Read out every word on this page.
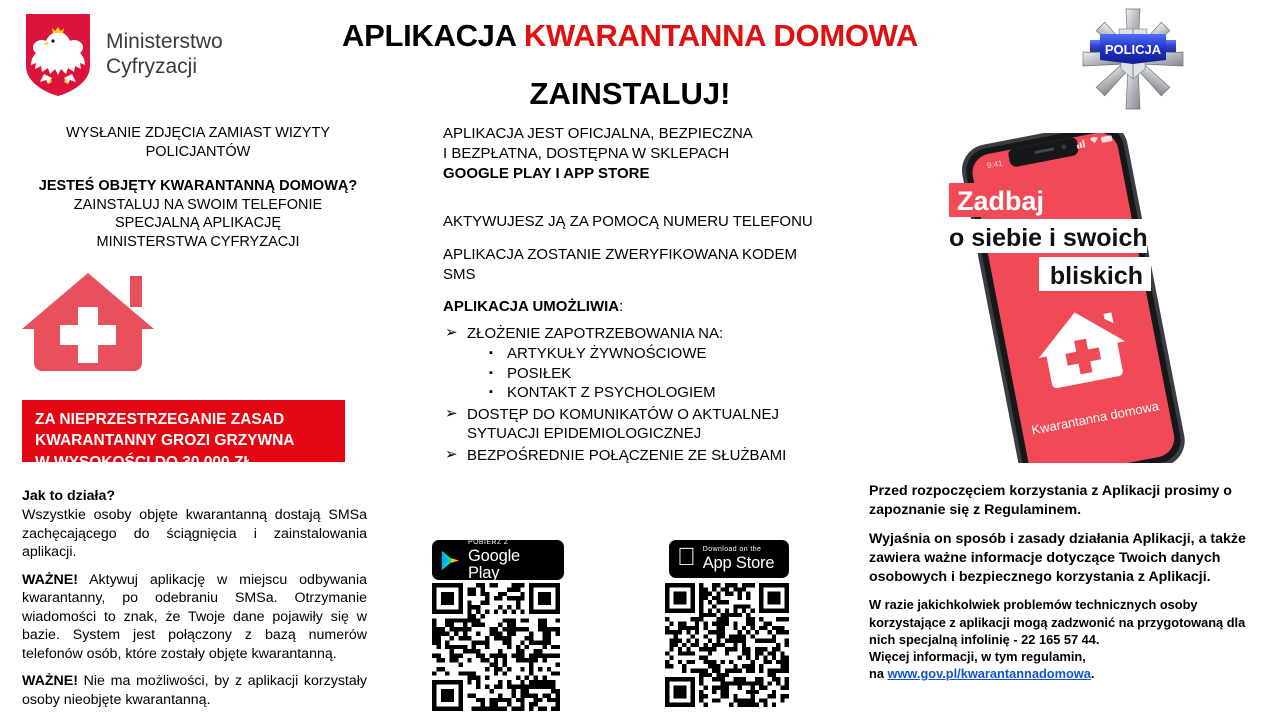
Ministerstwo
Cyfryzacji
APLIKACJA KWARANTANNA DOMOWA
ZAINSTALUJ!
POLICJA
WYSŁANIE ZDJĘCIA ZAMIAST WIZYTY POLICJANTÓW
JESTEŚ OBJĘTY KWARANTANNĄ DOMOWĄ?
ZAINSTALUJ NA SWOIM TELEFONIE
SPECJALNĄ APLIKACJĘ
MINISTERSTWA CYFRYZACJI
ZA NIEPRZESTRZEGANIE ZASAD
KWARANTANNY GROZI GRZYWNA
W WYSOKOŚCI DO 30 000 ZŁ
Jak to działa?

Wszystkie osoby objęte kwarantanną dostają SMSa zachęcającego do ściągnięcia i zainstalowania aplikacji.

WAŻNE! Aktywuj aplikację w miejscu odbywania kwarantanny, po odebraniu SMSa. Otrzymanie wiadomości to znak, że Twoje dane pojawiły się w bazie. System jest połączony z bazą numerów telefonów osób, które zostały objęte kwarantanną.

WAŻNE! Nie ma możliwości, by z aplikacji korzystały osoby nieobjęte kwarantanną.

APLIKACJA JEST OFICJALNA, BEZPIECZNA

I BEZPŁATNA, DOSTĘPNA W SKLEPACH

GOOGLE PLAY I APP STORE

AKTYWUJESZ JĄ ZA POMOCĄ NUMERU TELEFONU

APLIKACJA ZOSTANIE ZWERYFIKOWANA KODEM SMS

APLIKACJA UMOŻLIWIA:
➢ ZŁOŻENIE ZAPOTRZEBOWANIA NA:
▪ ARTYKUŁY ŻYWNOŚCIOWE
▪ POSIŁEK
▪ KONTAKT Z PSYCHOLOGIEM
➢ DOSTĘP DO KOMUNIKATÓW O AKTUALNEJ SYTUACJI EPIDEMIOLOGICZNEJ
➢ BEZPOŚREDNIE POŁĄCZENIE ZE SŁUŻBAMI
POBIERZ Z
Google Play
Download on the
App Store
9:41
Kwarantanna domowa
Zadbaj
o siebie i swoich
bliskich

Przed rozpoczęciem korzystania z Aplikacji prosimy o zapoznanie się z Regulaminem.

Wyjaśnia on sposób i zasady działania Aplikacji, a także zawiera ważne informacje dotyczące Twoich danych osobowych i bezpiecznego korzystania z Aplikacji.

W razie jakichkolwiek problemów technicznych osoby korzystające z aplikacji mogą zadzwonić na przygotowaną dla nich specjalną infolinię - 22 165 57 44.
Więcej informacji, w tym regulamin,
na www.gov.pl/kwarantannadomowa.
